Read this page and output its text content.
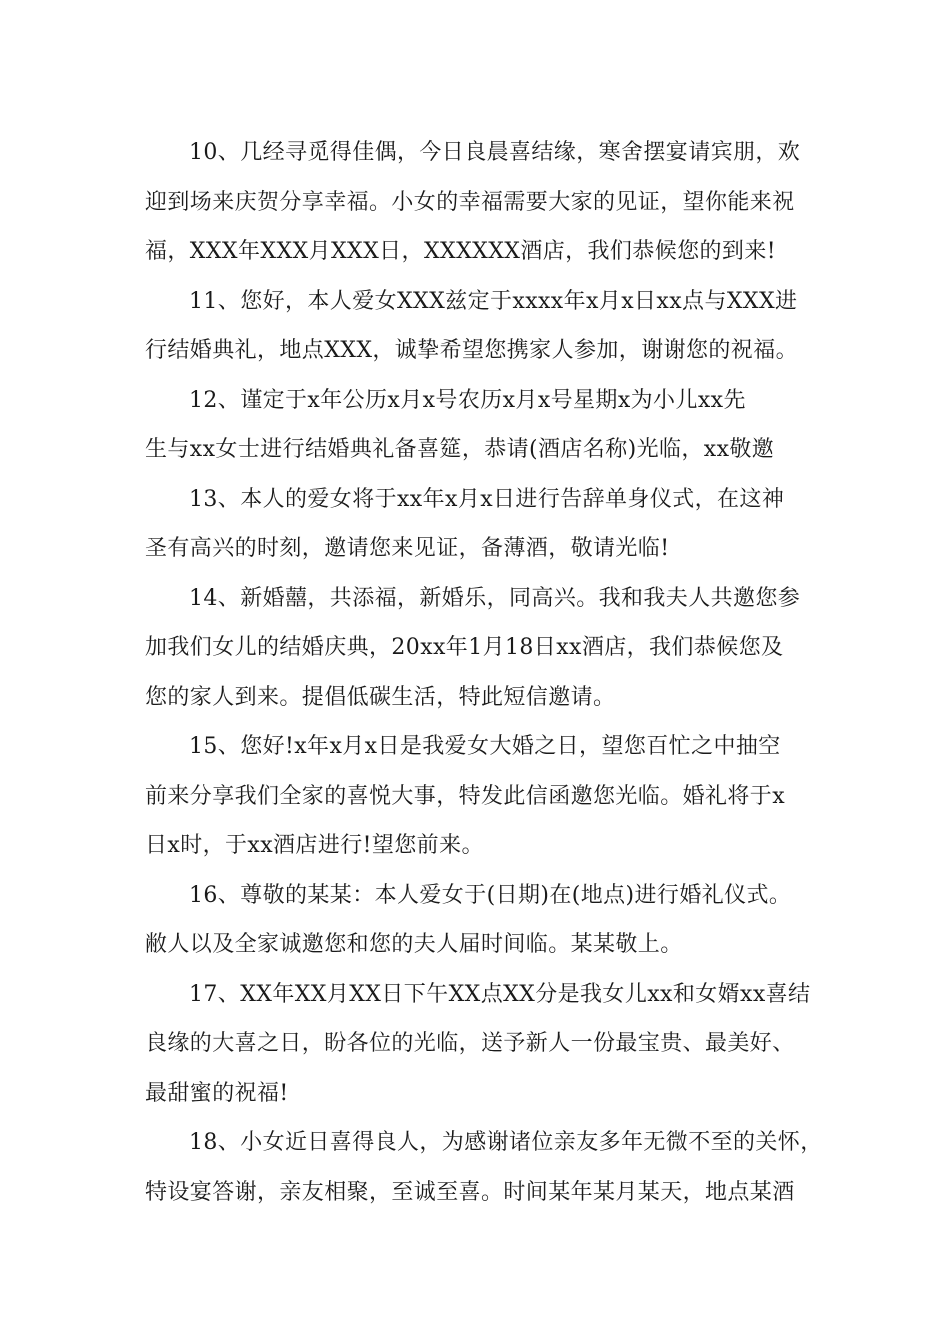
10、几经寻觅得佳偶，今日良晨喜结缘，寒舍摆宴请宾朋，欢
迎到场来庆贺分享幸福。小女的幸福需要大家的见证，望你能来祝
福，XXX年XXX月XXX日，XXXXXX酒店，我们恭候您的到来!
11、您好，本人爱女XXX兹定于xxxx年x月x日xx点与XXX进
行结婚典礼，地点XXX，诚挚希望您携家人参加，谢谢您的祝福。
12、谨定于x年公历x月x号农历x月x号星期x为小儿xx先
生与xx女士进行结婚典礼备喜筵，恭请(酒店名称)光临，xx敬邀
13、本人的爱女将于xx年x月x日进行告辞单身仪式，在这神
圣有高兴的时刻，邀请您来见证，备薄酒，敬请光临!
14、新婚囍，共添福，新婚乐，同高兴。我和我夫人共邀您参
加我们女儿的结婚庆典，20xx年1月18日xx酒店，我们恭候您及
您的家人到来。提倡低碳生活，特此短信邀请。
15、您好!x年x月x日是我爱女大婚之日，望您百忙之中抽空
前来分享我们全家的喜悦大事，特发此信函邀您光临。婚礼将于x
日x时，于xx酒店进行!望您前来。
16、尊敬的某某：本人爱女于(日期)在(地点)进行婚礼仪式。
敝人以及全家诚邀您和您的夫人届时间临。某某敬上。
17、XX年XX月XX日下午XX点XX分是我女儿xx和女婿xx喜结
良缘的大喜之日，盼各位的光临，送予新人一份最宝贵、最美好、
最甜蜜的祝福!
18、小女近日喜得良人，为感谢诸位亲友多年无微不至的关怀，
特设宴答谢，亲友相聚，至诚至喜。时间某年某月某天，地点某酒
